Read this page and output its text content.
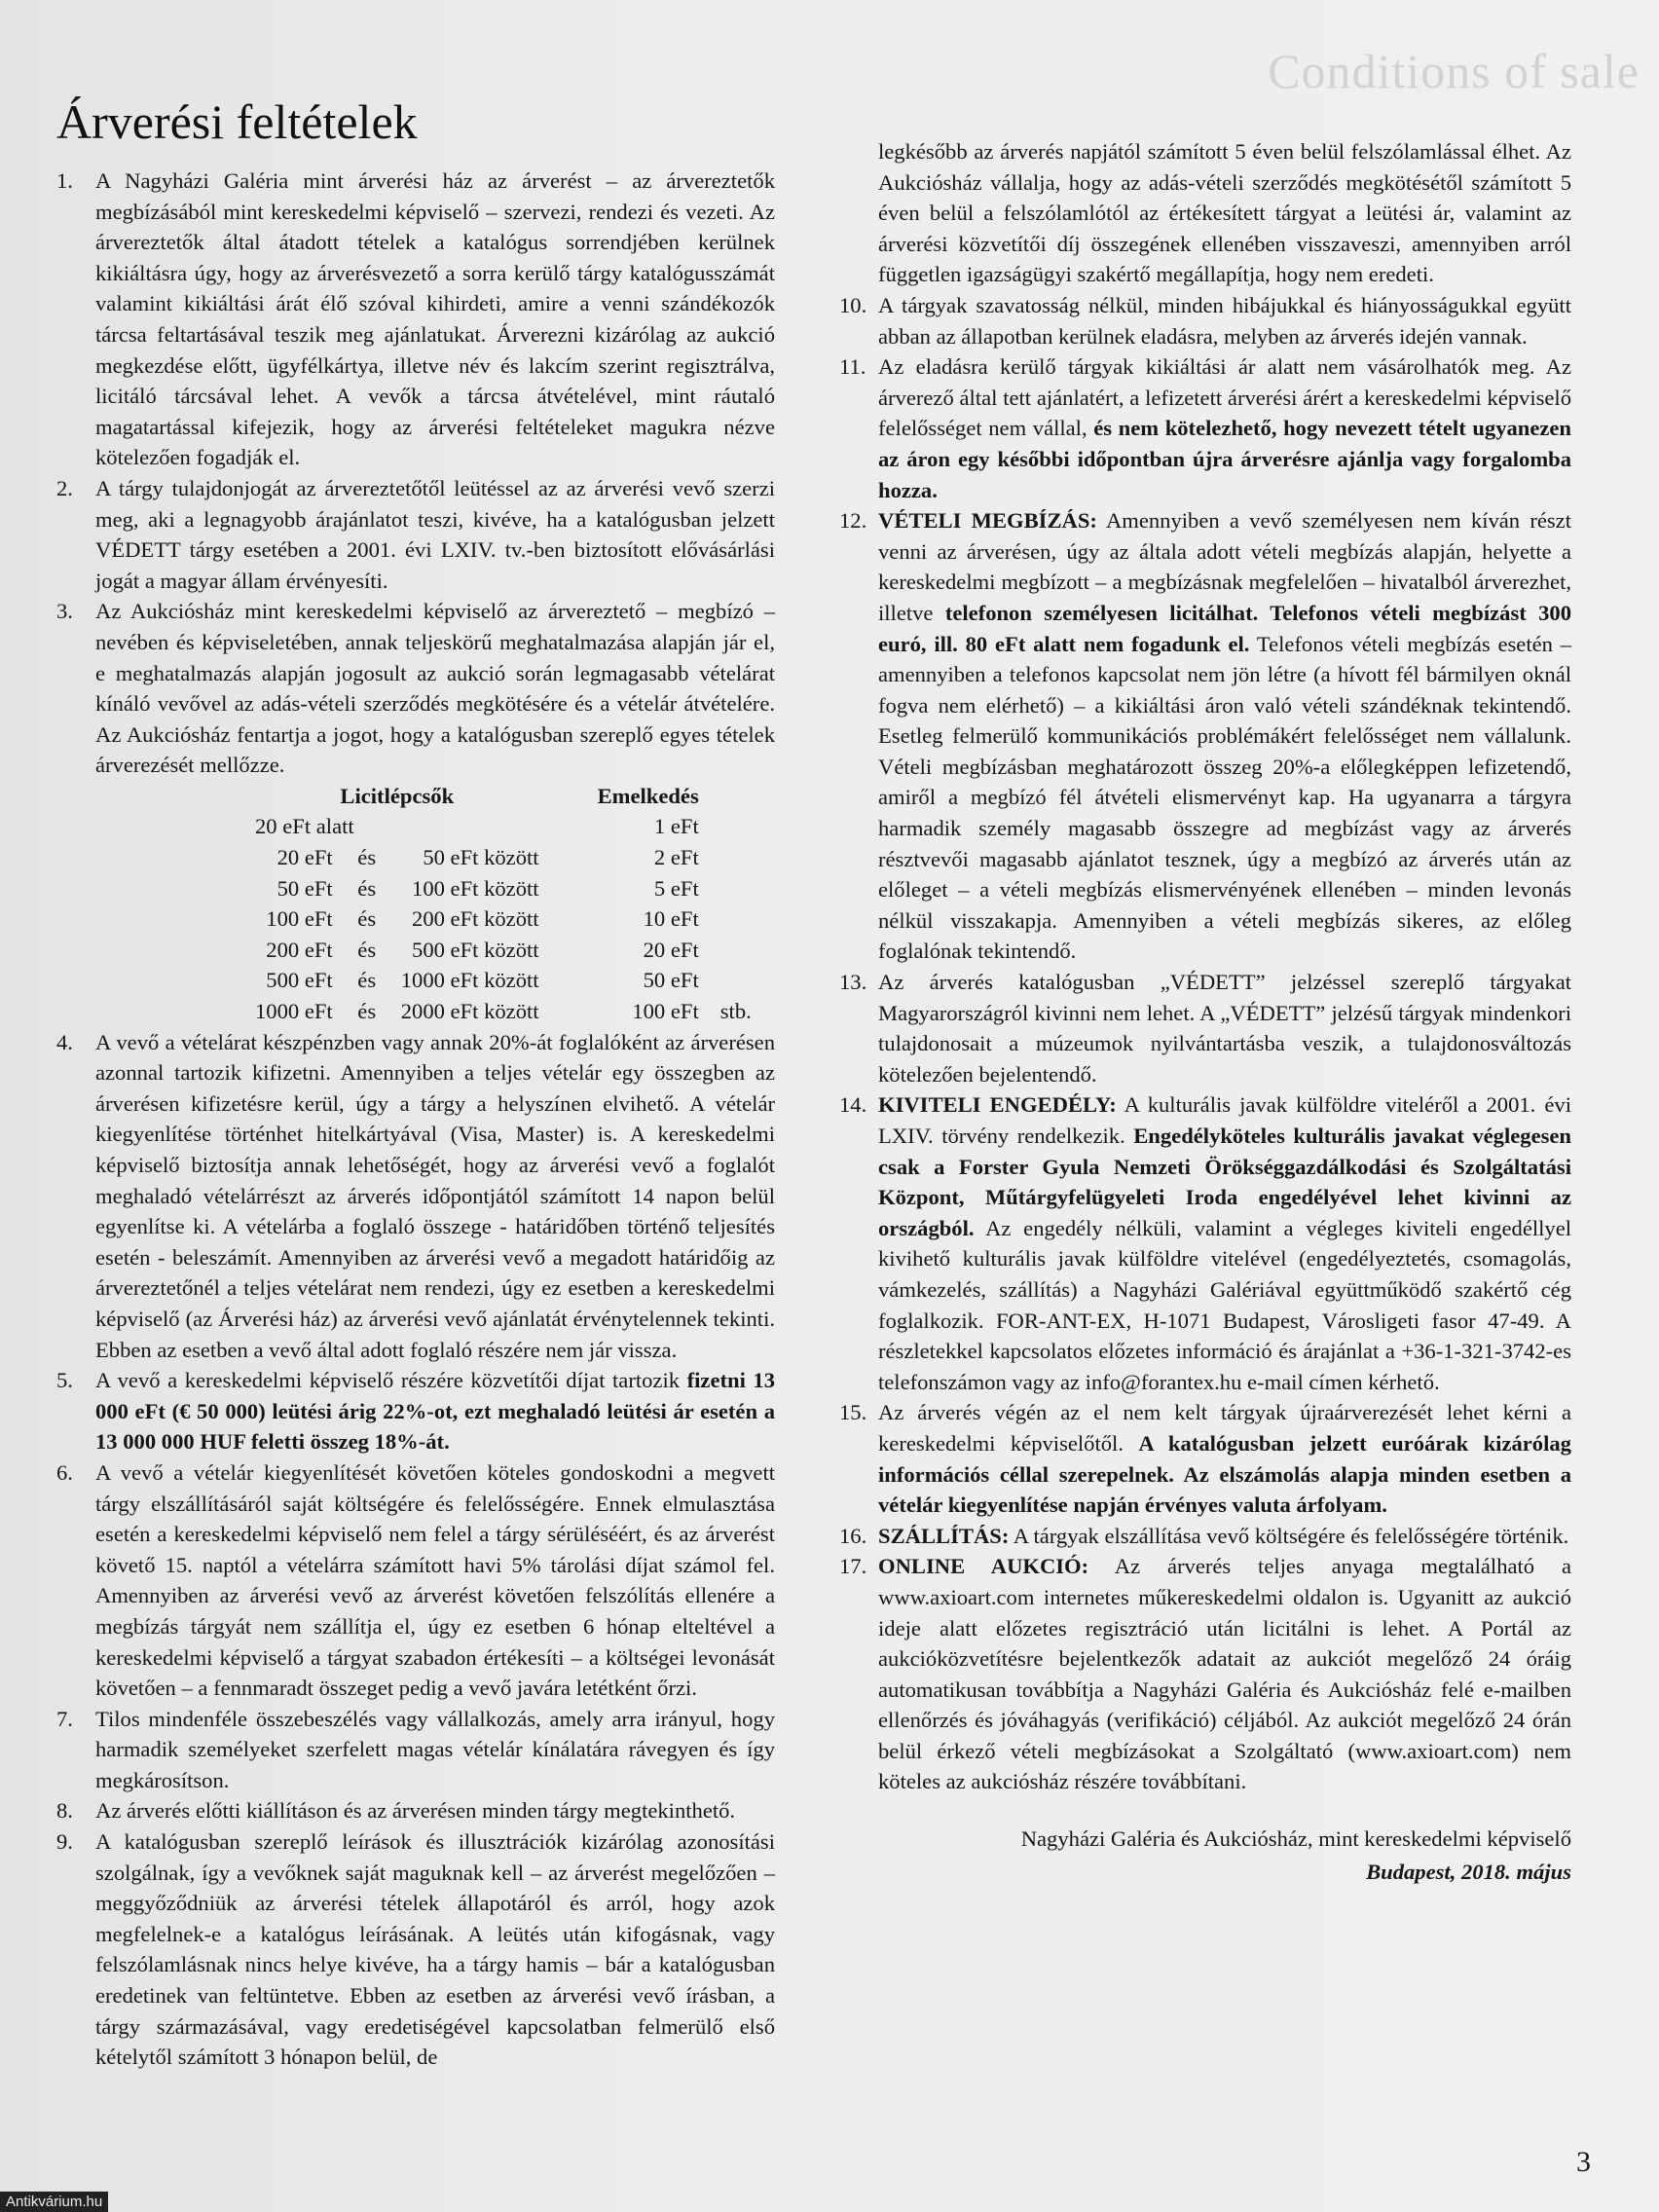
Conditions of sale
Árverési feltételek
1. A Nagyházi Galéria mint árverési ház az árverést – az árvereztetők megbízásából mint kereskedelmi képviselő – szervezi, rendezi és vezeti. Az árvereztetők által átadott tételek a katalógus sorrendjében kerülnek kikiáltásra úgy, hogy az árverésvezető a sorra kerülő tárgy katalógusszámát valamint kikiáltási árát élő szóval kihirdeti, amire a venni szándékozók tárcsa feltartásával teszik meg ajánlatukat. Árverezni kizárólag az aukció megkezdése előtt, ügyfélkártya, illetve név és lakcím szerint regisztrálva, licitáló tárcsával lehet. A vevők a tárcsa átvételével, mint ráutaló magatartással kifejezik, hogy az árverési feltételeket magukra nézve kötelezően fogadják el.

2. A tárgy tulajdonjogát az árvereztetőtől leütéssel az az árverési vevő szerzi meg, aki a legnagyobb árajánlatot teszi, kivéve, ha a katalógusban jelzett VÉDETT tárgy esetében a 2001. évi LXIV. tv.-ben biztosított elővásárlási jogát a magyar állam érvényesíti.

3. Az Aukciósház mint kereskedelmi képviselő az árvereztető – megbízó – nevében és képviseletében, annak teljeskörű meghatalmazása alapján jár el, e meghatalmazás alapján jogosult az aukció során legmagasabb vételárat kínáló vevővel az adás-vételi szerződés megkötésére és a vételár átvételére. Az Aukciósház fentartja a jogot, hogy a katalógusban szereplő egyes tételek árverezését mellőzze.

Licitlépcsők			Emelkedés	
20 eFt alatt			1 eFt	
20 eFt	és	50 eFt között	2 eFt	
50 eFt	és	100 eFt között	5 eFt	
100 eFt	és	200 eFt között	10 eFt	
200 eFt	és	500 eFt között	20 eFt	
500 eFt	és	1000 eFt között	50 eFt	
1000 eFt	és	2000 eFt között	100 eFt	stb.
4. A vevő a vételárat készpénzben vagy annak 20%-át foglalóként az árverésen azonnal tartozik kifizetni. Amennyiben a teljes vételár egy összegben az árverésen kifizetésre kerül, úgy a tárgy a helyszínen elvihető. A vételár kiegyenlítése történhet hitelkártyával (Visa, Master) is. A kereskedelmi képviselő biztosítja annak lehetőségét, hogy az árverési vevő a foglalót meghaladó vételárrészt az árverés időpontjától számított 14 napon belül egyenlítse ki. A vételárba a foglaló összege - határidőben történő teljesítés esetén - beleszámít. Amennyiben az árverési vevő a megadott határidőig az árvereztetőnél a teljes vételárat nem rendezi, úgy ez esetben a kereskedelmi képviselő (az Árverési ház) az árverési vevő ajánlatát érvénytelennek tekinti. Ebben az esetben a vevő által adott foglaló részére nem jár vissza.

5. A vevő a kereskedelmi képviselő részére közvetítői díjat tartozik fizetni 13 000 eFt (€ 50 000) leütési árig 22%-ot, ezt meghaladó leütési ár esetén a 13 000 000 HUF feletti összeg 18%-át.

6. A vevő a vételár kiegyenlítését követően köteles gondoskodni a megvett tárgy elszállításáról saját költségére és felelősségére. Ennek elmulasztása esetén a kereskedelmi képviselő nem felel a tárgy sérüléséért, és az árverést követő 15. naptól a vételárra számított havi 5% tárolási díjat számol fel. Amennyiben az árverési vevő az árverést követően felszólítás ellenére a megbízás tárgyát nem szállítja el, úgy ez esetben 6 hónap elteltével a kereskedelmi képviselő a tárgyat szabadon értékesíti – a költségei levonását követően – a fennmaradt összeget pedig a vevő javára letétként őrzi.

7. Tilos mindenféle összebeszélés vagy vállalkozás, amely arra irányul, hogy harmadik személyeket szerfelett magas vételár kínálatára rávegyen és így megkárosítson.

8. Az árverés előtti kiállításon és az árverésen minden tárgy megtekinthető.

9. A katalógusban szereplő leírások és illusztrációk kizárólag azonosítási szolgálnak, így a vevőknek saját maguknak kell – az árverést megelőzően – meggyőződniük az árverési tételek állapotáról és arról, hogy azok megfelelnek-e a katalógus leírásának. A leütés után kifogásnak, vagy felszólamlásnak nincs helye kivéve, ha a tárgy hamis – bár a katalógusban eredetinek van feltüntetve. Ebben az esetben az árverési vevő írásban, a tárgy származásával, vagy eredetiségével kapcsolatban felmerülő első kételytől számított 3 hónapon belül, de

legkésőbb az árverés napjától számított 5 éven belül felszólamlással élhet. Az Aukciósház vállalja, hogy az adás-vételi szerződés megkötésétől számított 5 éven belül a felszólamlótól az értékesített tárgyat a leütési ár, valamint az árverési közvetítői díj összegének ellenében visszaveszi, amennyiben arról független igazságügyi szakértő megállapítja, hogy nem eredeti.

10. A tárgyak szavatosság nélkül, minden hibájukkal és hiányosságukkal együtt abban az állapotban kerülnek eladásra, melyben az árverés idején vannak.

11. Az eladásra kerülő tárgyak kikiáltási ár alatt nem vásárolhatók meg. Az árverező által tett ajánlatért, a lefizetett árverési árért a kereskedelmi képviselő felelősséget nem vállal, és nem kötelezhető, hogy nevezett tételt ugyanezen az áron egy későbbi időpontban újra árverésre ajánlja vagy forgalomba hozza.

12. VÉTELI MEGBÍZÁS: Amennyiben a vevő személyesen nem kíván részt venni az árverésen, úgy az általa adott vételi megbízás alapján, helyette a kereskedelmi megbízott – a megbízásnak megfelelően – hivatalból árverezhet, illetve telefonon személyesen licitálhat. Telefonos vételi megbízást 300 euró, ill. 80 eFt alatt nem fogadunk el. Telefonos vételi megbízás esetén – amennyiben a telefonos kapcsolat nem jön létre (a hívott fél bármilyen oknál fogva nem elérhető) – a kikiáltási áron való vételi szándéknak tekintendő. Esetleg felmerülő kommunikációs problémákért felelősséget nem vállalunk. Vételi megbízásban meghatározott összeg 20%-a előlegképpen lefizetendő, amiről a megbízó fél átvételi elismervényt kap. Ha ugyanarra a tárgyra harmadik személy magasabb összegre ad megbízást vagy az árverés résztvevői magasabb ajánlatot tesznek, úgy a megbízó az árverés után az előleget – a vételi megbízás elismervényének ellenében – minden levonás nélkül visszakapja. Amennyiben a vételi megbízás sikeres, az előleg foglalónak tekintendő.

13. Az árverés katalógusban „VÉDETT” jelzéssel szereplő tárgyakat Magyarországról kivinni nem lehet. A „VÉDETT” jelzésű tárgyak mindenkori tulajdonosait a múzeumok nyilvántartásba veszik, a tulajdonosváltozás kötelezően bejelentendő.

14. KIVITELI ENGEDÉLY: A kulturális javak külföldre viteléről a 2001. évi LXIV. törvény rendelkezik. Engedélyköteles kulturális javakat véglegesen csak a Forster Gyula Nemzeti Örökséggazdálkodási és Szolgáltatási Központ, Műtárgyfelügyeleti Iroda engedélyével lehet kivinni az országból. Az engedély nélküli, valamint a végleges kiviteli engedéllyel kivihető kulturális javak külföldre vitelével (engedélyeztetés, csomagolás, vámkezelés, szállítás) a Nagyházi Galériával együttműködő szakértő cég foglalkozik. FOR-ANT-EX, H-1071 Budapest, Városligeti fasor 47-49. A részletekkel kapcsolatos előzetes információ és árajánlat a +36-1-321-3742-es telefonszámon vagy az info@forantex.hu e-mail címen kérhető.

15. Az árverés végén az el nem kelt tárgyak újraárverezését lehet kérni a kereskedelmi képviselőtől. A katalógusban jelzett euróárak kizárólag információs céllal szerepelnek. Az elszámolás alapja minden esetben a vételár kiegyenlítése napján érvényes valuta árfolyam.

16. SZÁLLÍTÁS: A tárgyak elszállítása vevő költségére és felelősségére történik.

17. ONLINE AUKCIÓ: Az árverés teljes anyaga megtalálható a www.axioart.com internetes műkereskedelmi oldalon is. Ugyanitt az aukció ideje alatt előzetes regisztráció után licitálni is lehet. A Portál az aukcióközvetítésre bejelentkezők adatait az aukciót megelőző 24 óráig automatikusan továbbítja a Nagyházi Galéria és Aukciósház felé e-mailben ellenőrzés és jóváhagyás (verifikáció) céljából. Az aukciót megelőző 24 órán belül érkező vételi megbízásokat a Szolgáltató (www.axioart.com) nem köteles az aukciósház részére továbbítani.

Nagyházi Galéria és Aukciósház, mint kereskedelmi képviselő
Budapest, 2018. május
3
Antikvárium.hu
